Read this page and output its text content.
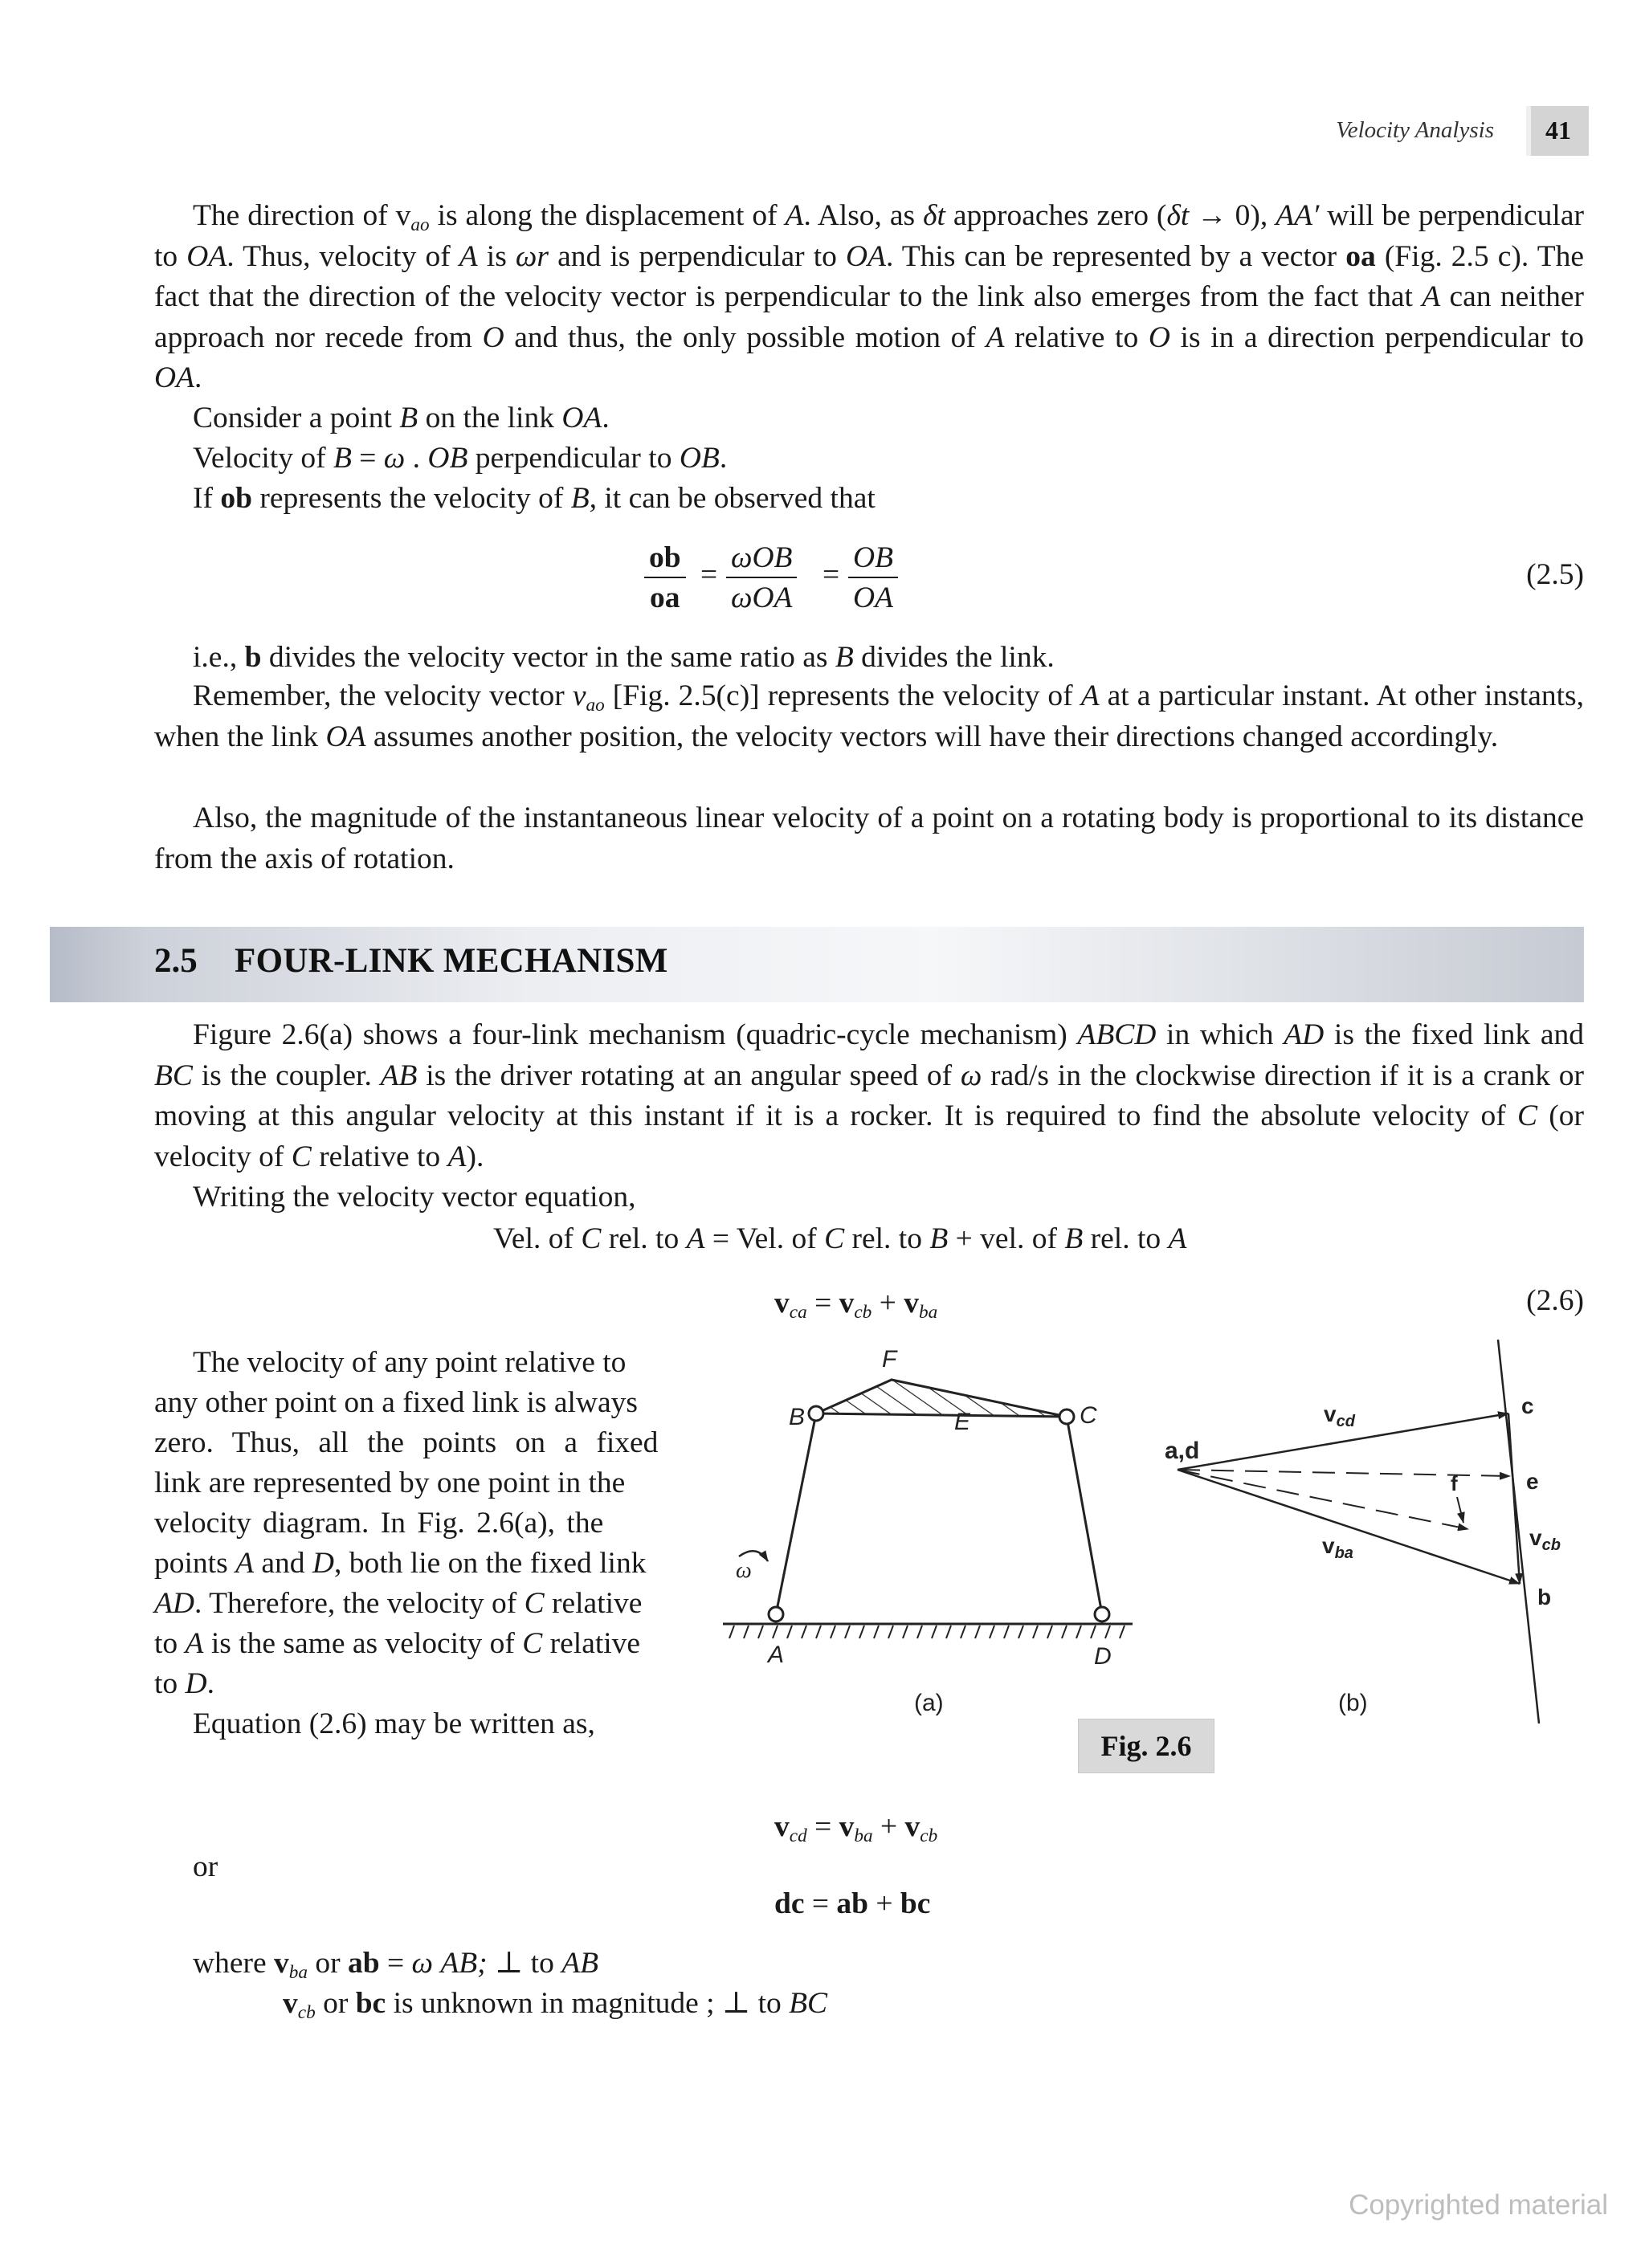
Velocity Analysis	41

The direction of $v_{ao}$ is along the displacement of A. Also, as δt approaches zero (δt → 0), AA′ will be perpendicular to OA. Thus, velocity of A is ωr and is perpendicular to OA. This can be represented by a vector oa (Fig. 2.5 c). The fact that the direction of the velocity vector is perpendicular to the link also emerges from the fact that A can neither approach nor recede from O and thus, the only possible motion of A relative to O is in a direction perpendicular to OA.

Consider a point B on the link OA.

Velocity of B = ω . OB perpendicular to OB.

If ob represents the velocity of B, it can be observed that

$\frac{ob}{oa}$ =
ωOB
ωOA
= $\frac{OB}{OA}$	(2.5)

i.e., b divides the velocity vector in the same ratio as B divides the link.

Remember, the velocity vector $v_{ao}$ [Fig. 2.5(c)] represents the velocity of A at a particular instant. At other instants, when the link OA assumes another position, the velocity vectors will have their directions changed accordingly.

Also, the magnitude of the instantaneous linear velocity of a point on a rotating body is proportional to its distance from the axis of rotation.

2.5 FOUR-LINK MECHANISM

Figure 2.6(a) shows a four-link mechanism (quadric-cycle mechanism) ABCD in which AD is the fixed link and BC is the coupler. AB is the driver rotating at an angular speed of ω rad/s in the clockwise direction if it is a crank or moving at this angular velocity at this instant if it is a rocker. It is required to find the absolute velocity of C (or velocity of C relative to A).

Writing the velocity vector equation,

Vel. of C rel. to A = Vel. of C rel. to B + vel. of B rel. to A

$v_{ca} = v_{cb} + v_{ba}$	(2.6)

The velocity of any point relative to

any other point on a fixed link is always

zero. Thus, all the points on a fixed

link are represented by one point in the

velocity diagram. In Fig. 2.6(a), the

points A and D, both lie on the fixed link

AD. Therefore, the velocity of C relative

to A is the same as velocity of C relative

to D.

Equation (2.6) may be written as,

F
C
B	E
ω
A	D
(a)
a,d
c
e
f
b
$v_{cd}$
$v_{ba}$
$v_{cb}$
(b)
Fig. 2.6

$v_{cd} = v_{ba} + v_{cb}$

or

dc = ab + bc

where $v_{ba}$ or ab = ω AB; ⊥ to AB

$v_{cb}$ or bc is unknown in magnitude ; ⊥ to BC

Copyrighted material
